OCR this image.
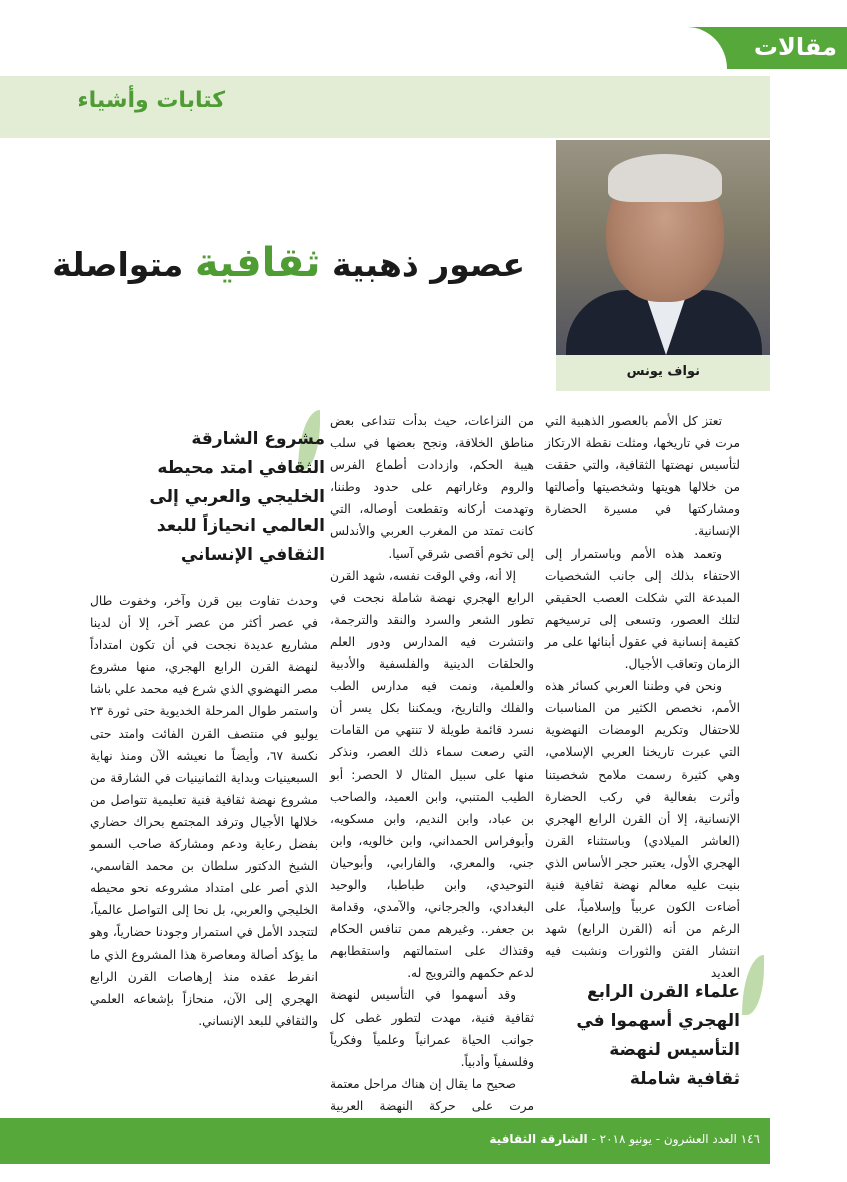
مقالات
كتابات وأشياء
نواف يونس
عصور ذهبية ثقافية متواصلة

تعتز كل الأمم بالعصور الذهبية التي مرت في تاريخها، ومثلت نقطة الارتكاز لتأسيس نهضتها الثقافية، والتي حققت من خلالها هويتها وشخصيتها وأصالتها ومشاركتها في مسيرة الحضارة الإنسانية.

وتعمد هذه الأمم وباستمرار إلى الاحتفاء بذلك إلى جانب الشخصيات المبدعة التي شكلت العصب الحقيقي لتلك العصور، وتسعى إلى ترسيخهم كقيمة إنسانية في عقول أبنائها على مر الزمان وتعاقب الأجيال.

ونحن في وطننا العربي كسائر هذه الأمم، نخصص الكثير من المناسبات للاحتفال وتكريم الومضات النهضوية التي عبرت تاريخنا العربي الإسلامي، وهي كثيرة رسمت ملامح شخصيتنا وأثرت بفعالية في ركب الحضارة الإنسانية، إلا أن القرن الرابع الهجري (العاشر الميلادي) وباستثناء القرن الهجري الأول، يعتبر حجر الأساس الذي بنيت عليه معالم نهضة ثقافية فنية أضاءت الكون عربياً وإسلامياً، على الرغم من أنه (القرن الرابع) شهد انتشار الفتن والثورات ونشبت فيه العديد

من النزاعات، حيث بدأت تتداعى بعض مناطق الخلافة، ونجح بعضها في سلب هيبة الحكم، وازدادت أطماع الفرس والروم وغاراتهم على حدود وطننا، وتهدمت أركانه وتقطعت أوصاله، التي كانت تمتد من المغرب العربي والأندلس إلى تخوم أقصى شرقي آسيا.

إلا أنه، وفي الوقت نفسه، شهد القرن الرابع الهجري نهضة شاملة نجحت في تطور الشعر والسرد والنقد والترجمة، وانتشرت فيه المدارس ودور العلم والحلقات الدينية والفلسفية والأدبية والعلمية، ونمت فيه مدارس الطب والفلك والتاريخ، ويمكننا بكل يسر أن نسرد قائمة طويلة لا تنتهي من القامات التي رصعت سماء ذلك العصر، ونذكر منها على سبيل المثال لا الحصر: أبو الطيب المتنبي، وابن العميد، والصاحب بن عباد، وابن النديم، وابن مسكويه، وأبوفراس الحمداني، وابن خالويه، وابن جني، والمعري، والفارابي، وأبوحيان التوحيدي، وابن طباطبا، والوحيد البغدادي، والجرجاني، والآمدي، وقدامة بن جعفر.. وغيرهم ممن تنافس الحكام وقتذاك على استمالتهم واستقطابهم لدعم حكمهم والترويج له.

وقد أسهموا في التأسيس لنهضة ثقافية فنية، مهدت لتطور غطى كل جوانب الحياة عمرانياً وعلمياً وفكرياً وفلسفياً وأدبياً.

صحيح ما يقال إن هناك مراحل معتمة مرت على حركة النهضة العربية

مشروع الشارقة الثقافي امتد محيطه الخليجي والعربي إلى العالمي انحيازاً للبعد الثقافي الإنساني

وحدث تفاوت بين قرن وآخر، وخفوت طال في عصر أكثر من عصر آخر، إلا أن لدينا مشاريع عديدة نجحت في أن تكون امتداداً لنهضة القرن الرابع الهجري، منها مشروع مصر النهضوي الذي شرع فيه محمد علي باشا واستمر طوال المرحلة الخديوية حتى ثورة ٢٣ يوليو في منتصف القرن الفائت وامتد حتى نكسة ٦٧، وأيضاً ما نعيشه الآن ومنذ نهاية السبعينيات وبداية الثمانينيات في الشارقة من مشروع نهضة ثقافية فنية تعليمية تتواصل من خلالها الأجيال وترفد المجتمع بحراك حضاري بفضل رعاية ودعم ومشاركة صاحب السمو الشيخ الدكتور سلطان بن محمد القاسمي، الذي أصر على امتداد مشروعه نحو محيطه الخليجي والعربي، بل نحا إلى التواصل عالمياً، لتتجدد الأمل في استمرار وجودنا حضارياً، وهو ما يؤكد أصالة ومعاصرة هذا المشروع الذي ما انفرط عقده منذ إرهاصات القرن الرابع الهجري إلى الآن، منحازاً بإشعاعه العلمي والثقافي للبعد الإنساني.

علماء القرن الرابع الهجري أسهموا في التأسيس لنهضة ثقافية شاملة
١٤٦ العدد العشرون - يونيو ٢٠١٨ - الشارقة الثقافية
